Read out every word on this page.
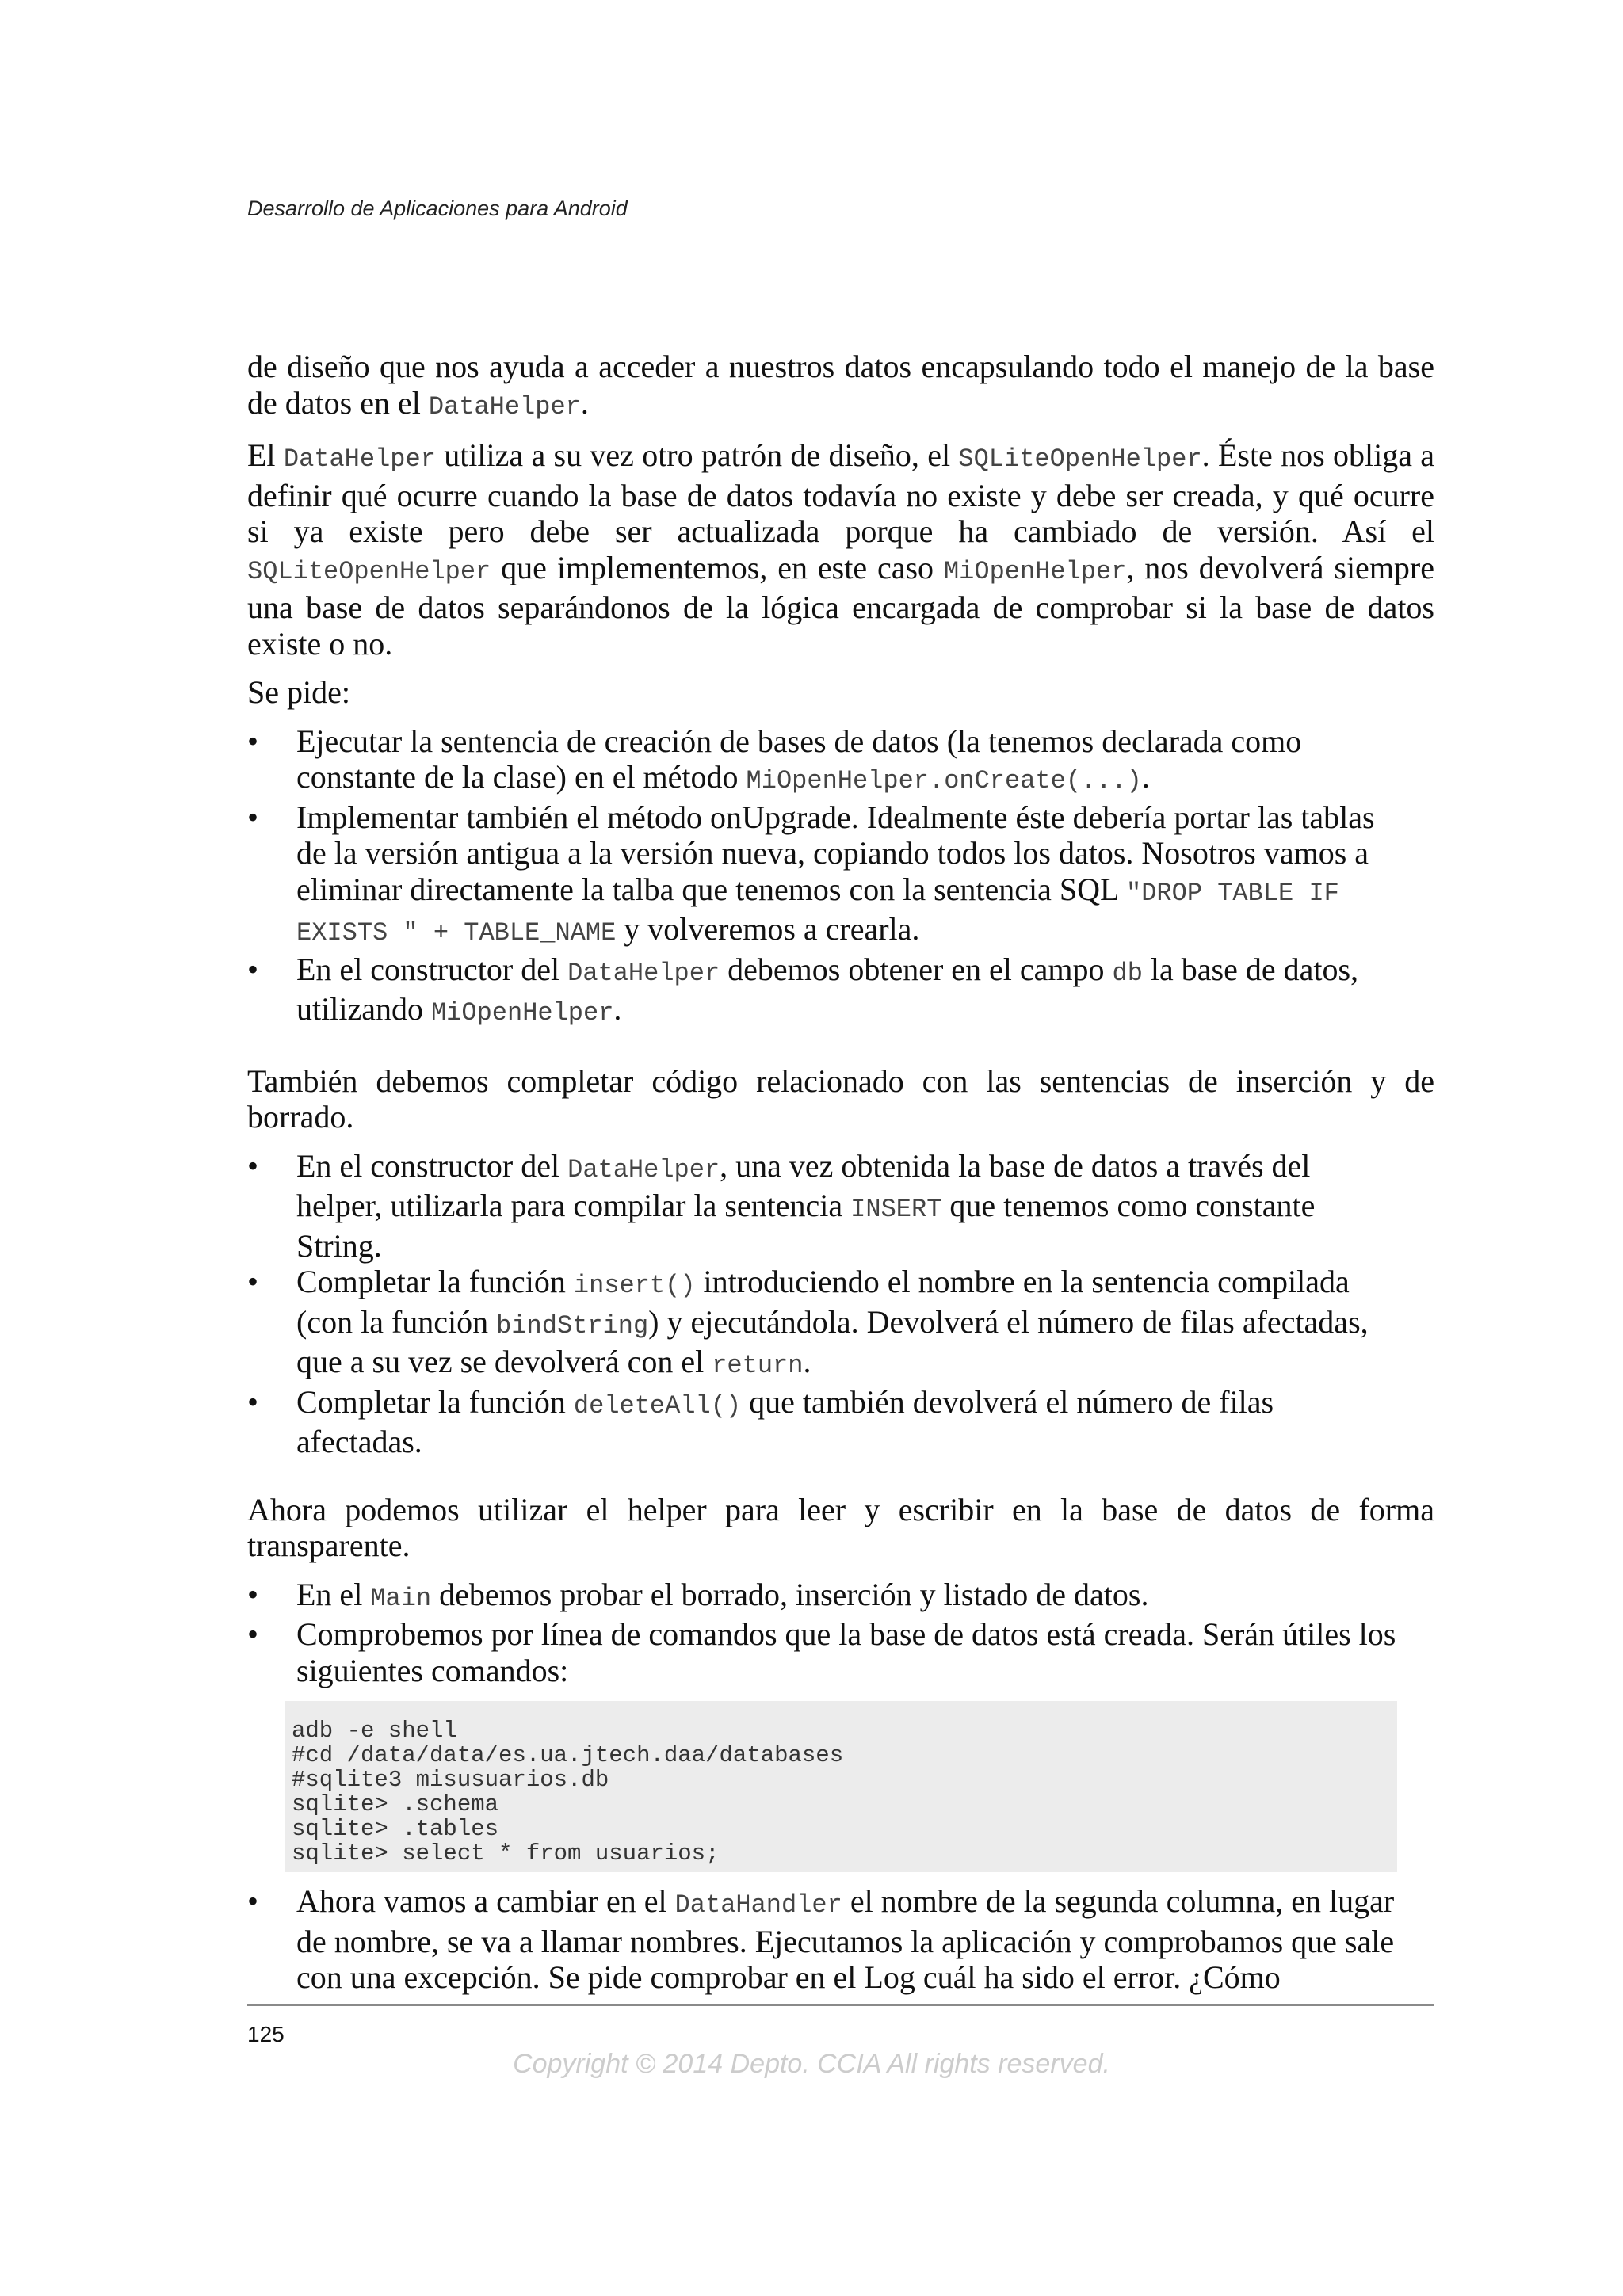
Desarrollo de Aplicaciones para Android

de diseño que nos ayuda a acceder a nuestros datos encapsulando todo el manejo de la base de datos en el DataHelper.

El DataHelper utiliza a su vez otro patrón de diseño, el SQLiteOpenHelper. Éste nos obliga a definir qué ocurre cuando la base de datos todavía no existe y debe ser creada, y qué ocurre si ya existe pero debe ser actualizada porque ha cambiado de versión. Así el SQLiteOpenHelper que implementemos, en este caso MiOpenHelper, nos devolverá siempre una base de datos separándonos de la lógica encargada de comprobar si la base de datos existe o no.

Se pide:

• Ejecutar la sentencia de creación de bases de datos (la tenemos declarada como constante de la clase) en el método MiOpenHelper.onCreate(...).
• Implementar también el método onUpgrade. Idealmente éste debería portar las tablas de la versión antigua a la versión nueva, copiando todos los datos. Nosotros vamos a eliminar directamente la talba que tenemos con la sentencia SQL "DROP TABLE IF EXISTS " + TABLE_NAME y volveremos a crearla.
• En el constructor del DataHelper debemos obtener en el campo db la base de datos, utilizando MiOpenHelper.

También debemos completar código relacionado con las sentencias de inserción y de borrado.

• En el constructor del DataHelper, una vez obtenida la base de datos a través del helper, utilizarla para compilar la sentencia INSERT que tenemos como constante String.
• Completar la función insert() introduciendo el nombre en la sentencia compilada (con la función bindString) y ejecutándola. Devolverá el número de filas afectadas, que a su vez se devolverá con el return.
• Completar la función deleteAll() que también devolverá el número de filas afectadas.

Ahora podemos utilizar el helper para leer y escribir en la base de datos de forma transparente.

• En el Main debemos probar el borrado, inserción y listado de datos.
• Comprobemos por línea de comandos que la base de datos está creada. Serán útiles los siguientes comandos:
adb -e shell
#cd /data/data/es.ua.jtech.daa/databases
#sqlite3 misusuarios.db
sqlite> .schema
sqlite> .tables
sqlite> select * from usuarios;
• Ahora vamos a cambiar en el DataHandler el nombre de la segunda columna, en lugar de nombre, se va a llamar nombres. Ejecutamos la aplicación y comprobamos que sale con una excepción. Se pide comprobar en el Log cuál ha sido el error. ¿Cómo
125
Copyright © 2014 Depto. CCIA All rights reserved.
